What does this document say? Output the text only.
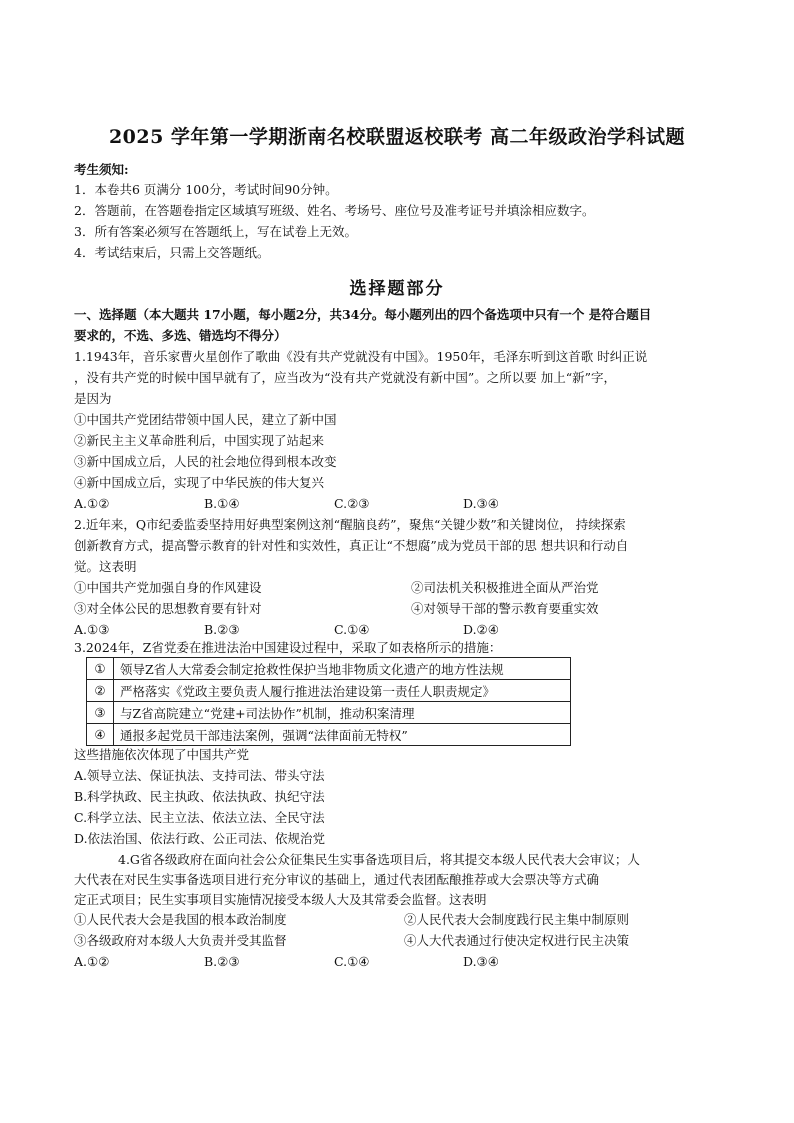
2025 学年第一学期浙南名校联盟返校联考 高二年级政治学科试题
考生须知:
1．本卷共6 页满分 100分，考试时间90分钟。
2．答题前，在答题卷指定区域填写班级、姓名、考场号、座位号及准考证号并填涂相应数字。
3．所有答案必须写在答题纸上，写在试卷上无效。
4．考试结束后，只需上交答题纸。
选择题部分
一、选择题（本大题共 17小题，每小题2分，共34分。每小题列出的四个备选项中只有一个 是符合题目
要求的，不选、多选、错选均不得分）
1.1943年，音乐家曹火星创作了歌曲《没有共产党就没有中国》。1950年，毛泽东听到这首歌 时纠正说
，没有共产党的时候中国早就有了，应当改为“没有共产党就没有新中国”。之所以要 加上“新”字，
是因为
①中国共产党团结带领中国人民，建立了新中国
②新民主主义革命胜利后，中国实现了站起来
③新中国成立后，人民的社会地位得到根本改变
④新中国成立后，实现了中华民族的伟大复兴
A.①②	B.①④	C.②③	D.③④
2.近年来，Q市纪委监委坚持用好典型案例这剂“醒脑良药”，聚焦“关键少数”和关键岗位， 持续探索
创新教育方式，提高警示教育的针对性和实效性，真正让“不想腐”成为党员干部的思 想共识和行动自
觉。这表明
①中国共产党加强自身的作风建设	②司法机关积极推进全面从严治党
③对全体公民的思想教育要有针对	④对领导干部的警示教育要重实效
A.①③	B.②③	C.①④	D.②④
3.2024年，Z省党委在推进法治中国建设过程中，采取了如表格所示的措施：
①	领导Z省人大常委会制定抢救性保护当地非物质文化遗产的地方性法规
②	严格落实《党政主要负责人履行推进法治建设第一责任人职责规定》
③	与Z省高院建立“党建+司法协作”机制，推动积案清理
④	通报多起党员干部违法案例，强调“法律面前无特权”
这些措施依次体现了中国共产党
A.领导立法、保证执法、支持司法、带头守法
B.科学执政、民主执政、依法执政、执纪守法
C.科学立法、民主立法、依法立法、全民守法
D.依法治国、依法行政、公正司法、依规治党
4.G省各级政府在面向社会公众征集民生实事备选项目后，将其提交本级人民代表大会审议；人
大代表在对民生实事备选项目进行充分审议的基础上，通过代表团酝酿推荐或大会票决等方式确
定正式项目；民生实事项目实施情况接受本级人大及其常委会监督。这表明
①人民代表大会是我国的根本政治制度	②人民代表大会制度践行民主集中制原则
③各级政府对本级人大负责并受其监督	④人大代表通过行使决定权进行民主决策
A.①②	B.②③	C.①④	D.③④
